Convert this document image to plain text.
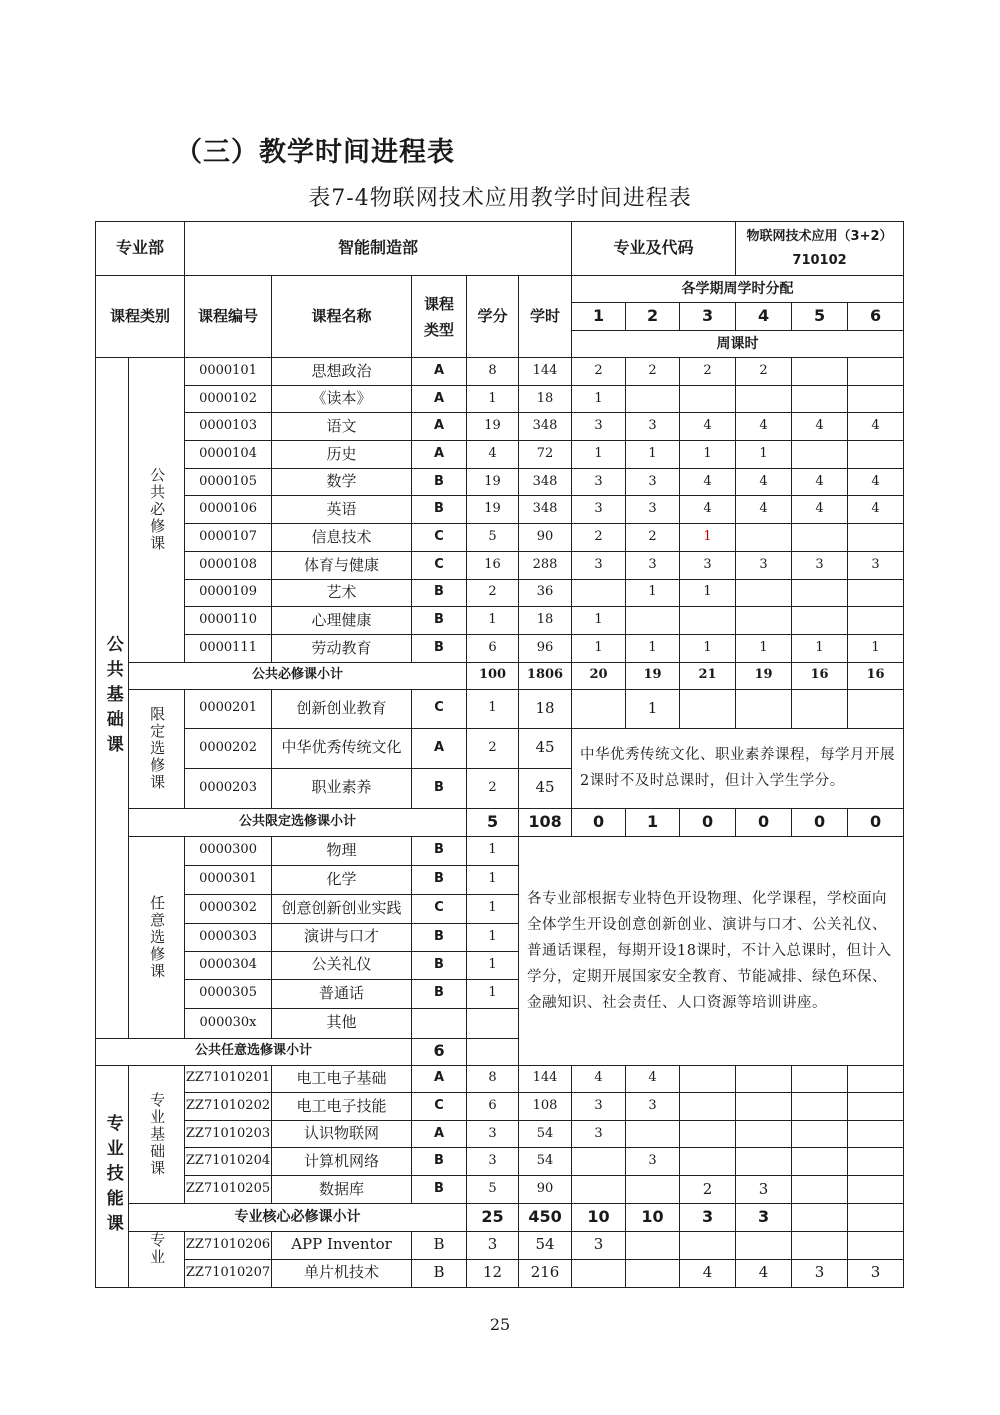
（三）教学时间进程表
表7-4物联网技术应用教学时间进程表
专业部		智能制造部					专业及代码			物联网技术应用（3+2）
710102		

课程类别		课程编号	课程名称	课程
类型	学分	学时	各学期周学时分配					
							1	2	3	4	5	6
							周课时					

公共基础课	公共必修课	0000101	思想政治	A	8	144	2	2	2	2		
		0000102	《读本》	A	1	18	1					
		0000103	语文	A	19	348	3	3	4	4	4	4
		0000104	历史	A	4	72	1	1	1	1		
		0000105	数学	B	19	348	3	3	4	4	4	4
		0000106	英语	B	19	348	3	3	4	4	4	4
		0000107	信息技术	C	5	90	2	2	1			
		0000108	体育与健康	C	16	288	3	3	3	3	3	3
		0000109	艺术	B	2	36		1	1			
		0000110	心理健康	B	1	18	1					
		0000111	劳动教育	B	6	96	1	1	1	1	1	1
	公共必修课小计				100	1806	20	19	21	19	16	16

	限定选修课	0000201	创新创业教育	C	1	18		1				
		0000202	中华优秀传统文化	A	2	45	中华优秀传统文化、职业素养课程，每学月开展2课时不及时总课时，但计入学生学分。					
		0000203	职业素养	B	2	45						
	公共限定选修课小计				5	108	0	1	0	0	0	0

	任意选修课	0000300	物理	B	1	各专业部根据专业特色开设物理、化学课程，学校面向全体学生开设创意创新创业、演讲与口才、公关礼仪、普通话课程，每期开设18课时，不计入总课时，但计入学分，定期开展国家安全教育、节能减排、绿色环保、金融知识、社会责任、人口资源等培训讲座。						
		0000301	化学	B	1							
		0000302	创意创新创业实践	C	1							
		0000303	演讲与口才	B	1							
		0000304	公关礼仪	B	1							
		0000305	普通话	B	1							
		000030x	其他									
公共任意选修课小计				6								

专业技能课	专业基础课	ZZ71010201	电工电子基础	A	8	144	4	4				
		ZZ71010202	电工电子技能	C	6	108	3	3				
		ZZ71010203	认识物联网	A	3	54	3					
		ZZ71010204	计算机网络	B	3	54		3				
		ZZ71010205	数据库	B	5	90			2	3		
	专业核心必修课小计				25	450	10	10	3	3		

	专业	ZZ71010206	APP Inventor	B	3	54	3					
		ZZ71010207	单片机技术	B	12	216			4	4	3	3
25
